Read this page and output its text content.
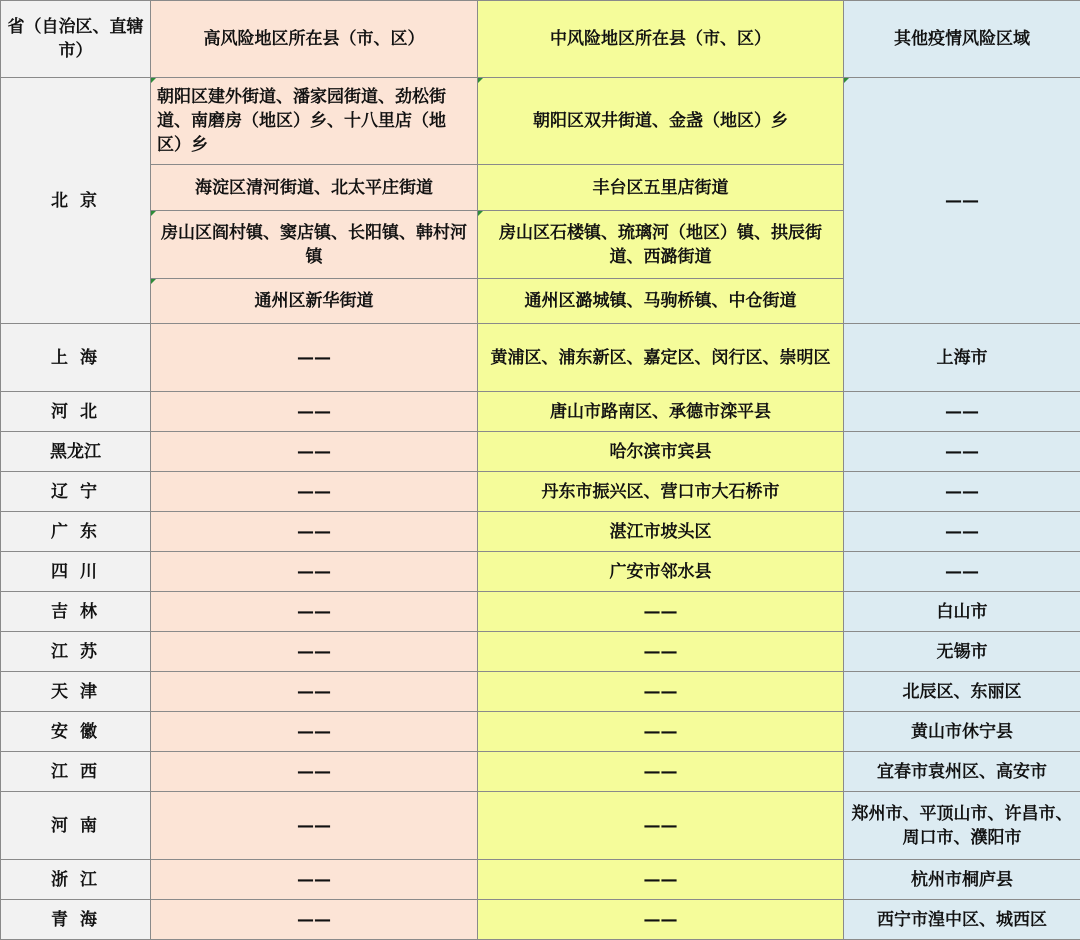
省（自治区、直辖市）	高风险地区所在县（市、区）	中风险地区所在县（市、区）	其他疫情风险区域
北 京	朝阳区建外街道、潘家园街道、劲松街道、南磨房（地区）乡、十八里店（地区）乡	朝阳区双井街道、金盏（地区）乡	——
	海淀区清河街道、北太平庄街道	丰台区五里店街道	
	房山区阎村镇、窦店镇、长阳镇、韩村河镇	房山区石楼镇、琉璃河（地区）镇、拱辰街道、西潞街道	
	通州区新华街道	通州区潞城镇、马驹桥镇、中仓街道	
上 海	——	黄浦区、浦东新区、嘉定区、闵行区、崇明区	上海市
河 北	——	唐山市路南区、承德市滦平县	——
黑龙江	——	哈尔滨市宾县	——
辽 宁	——	丹东市振兴区、营口市大石桥市	——
广 东	——	湛江市坡头区	——
四 川	——	广安市邻水县	——
吉 林	——	——	白山市
江 苏	——	——	无锡市
天 津	——	——	北辰区、东丽区
安 徽	——	——	黄山市休宁县
江 西	——	——	宜春市袁州区、高安市
河 南	——	——	郑州市、平顶山市、许昌市、周口市、濮阳市
浙 江	——	——	杭州市桐庐县
青 海	——	——	西宁市湟中区、城西区
